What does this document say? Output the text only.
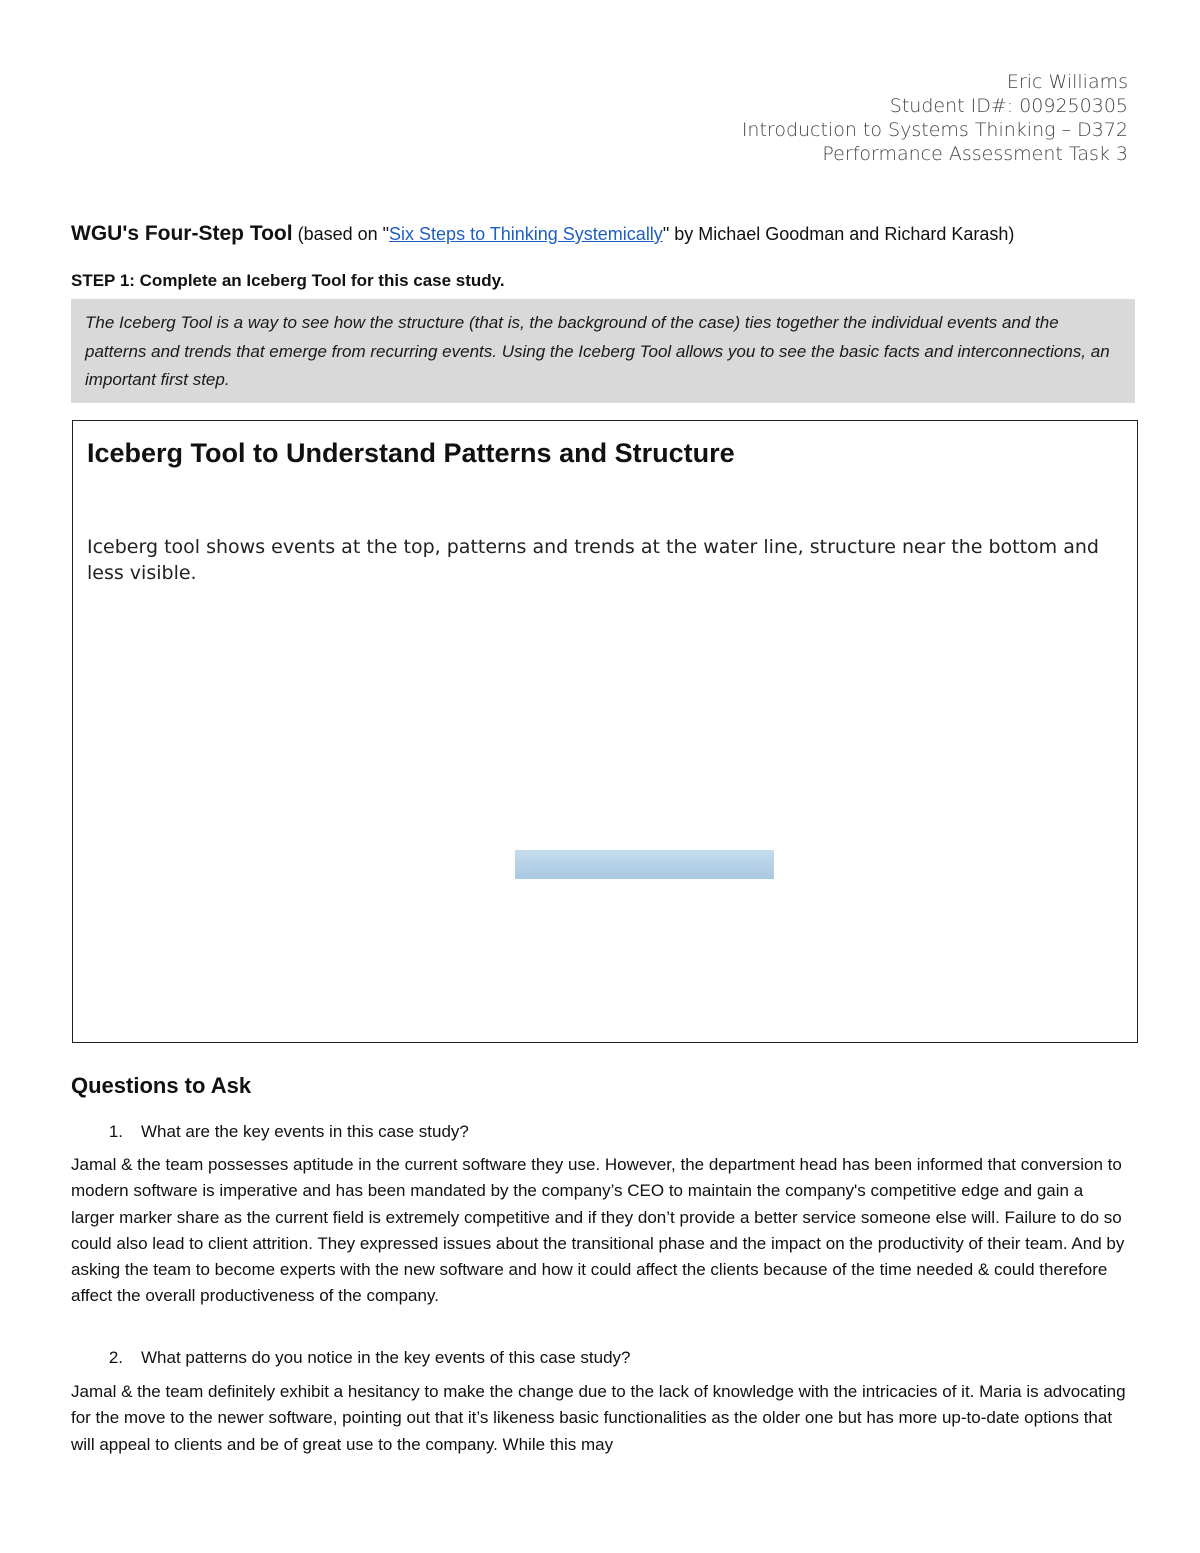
Eric Williams
Student ID#: 009250305
Introduction to Systems Thinking – D372
Performance Assessment Task 3
WGU's Four-Step Tool (based on "Six Steps to Thinking Systemically" by Michael Goodman and Richard Karash)
STEP 1: Complete an Iceberg Tool for this case study.
The Iceberg Tool is a way to see how the structure (that is, the background of the case) ties together the individual events and the patterns and trends that emerge from recurring events. Using the Iceberg Tool allows you to see the basic facts and interconnections, an important first step.
Iceberg Tool to Understand Patterns and Structure
Iceberg tool shows events at the top, patterns and trends at the water line, structure near the bottom and less visible.
Questions to Ask
1. What are the key events in this case study?
Jamal & the team possesses aptitude in the current software they use. However, the department head has been informed that conversion to modern software is imperative and has been mandated by the company’s CEO to maintain the company's competitive edge and gain a larger marker share as the current field is extremely competitive and if they don’t provide a better service someone else will. Failure to do so could also lead to client attrition. They expressed issues about the transitional phase and the impact on the productivity of their team. And by asking the team to become experts with the new software and how it could affect the clients because of the time needed & could therefore affect the overall productiveness of the company.
2. What patterns do you notice in the key events of this case study?
Jamal & the team definitely exhibit a hesitancy to make the change due to the lack of knowledge with the intricacies of it. Maria is advocating for the move to the newer software, pointing out that it’s likeness basic functionalities as the older one but has more up-to-date options that will appeal to clients and be of great use to the company. While this may
